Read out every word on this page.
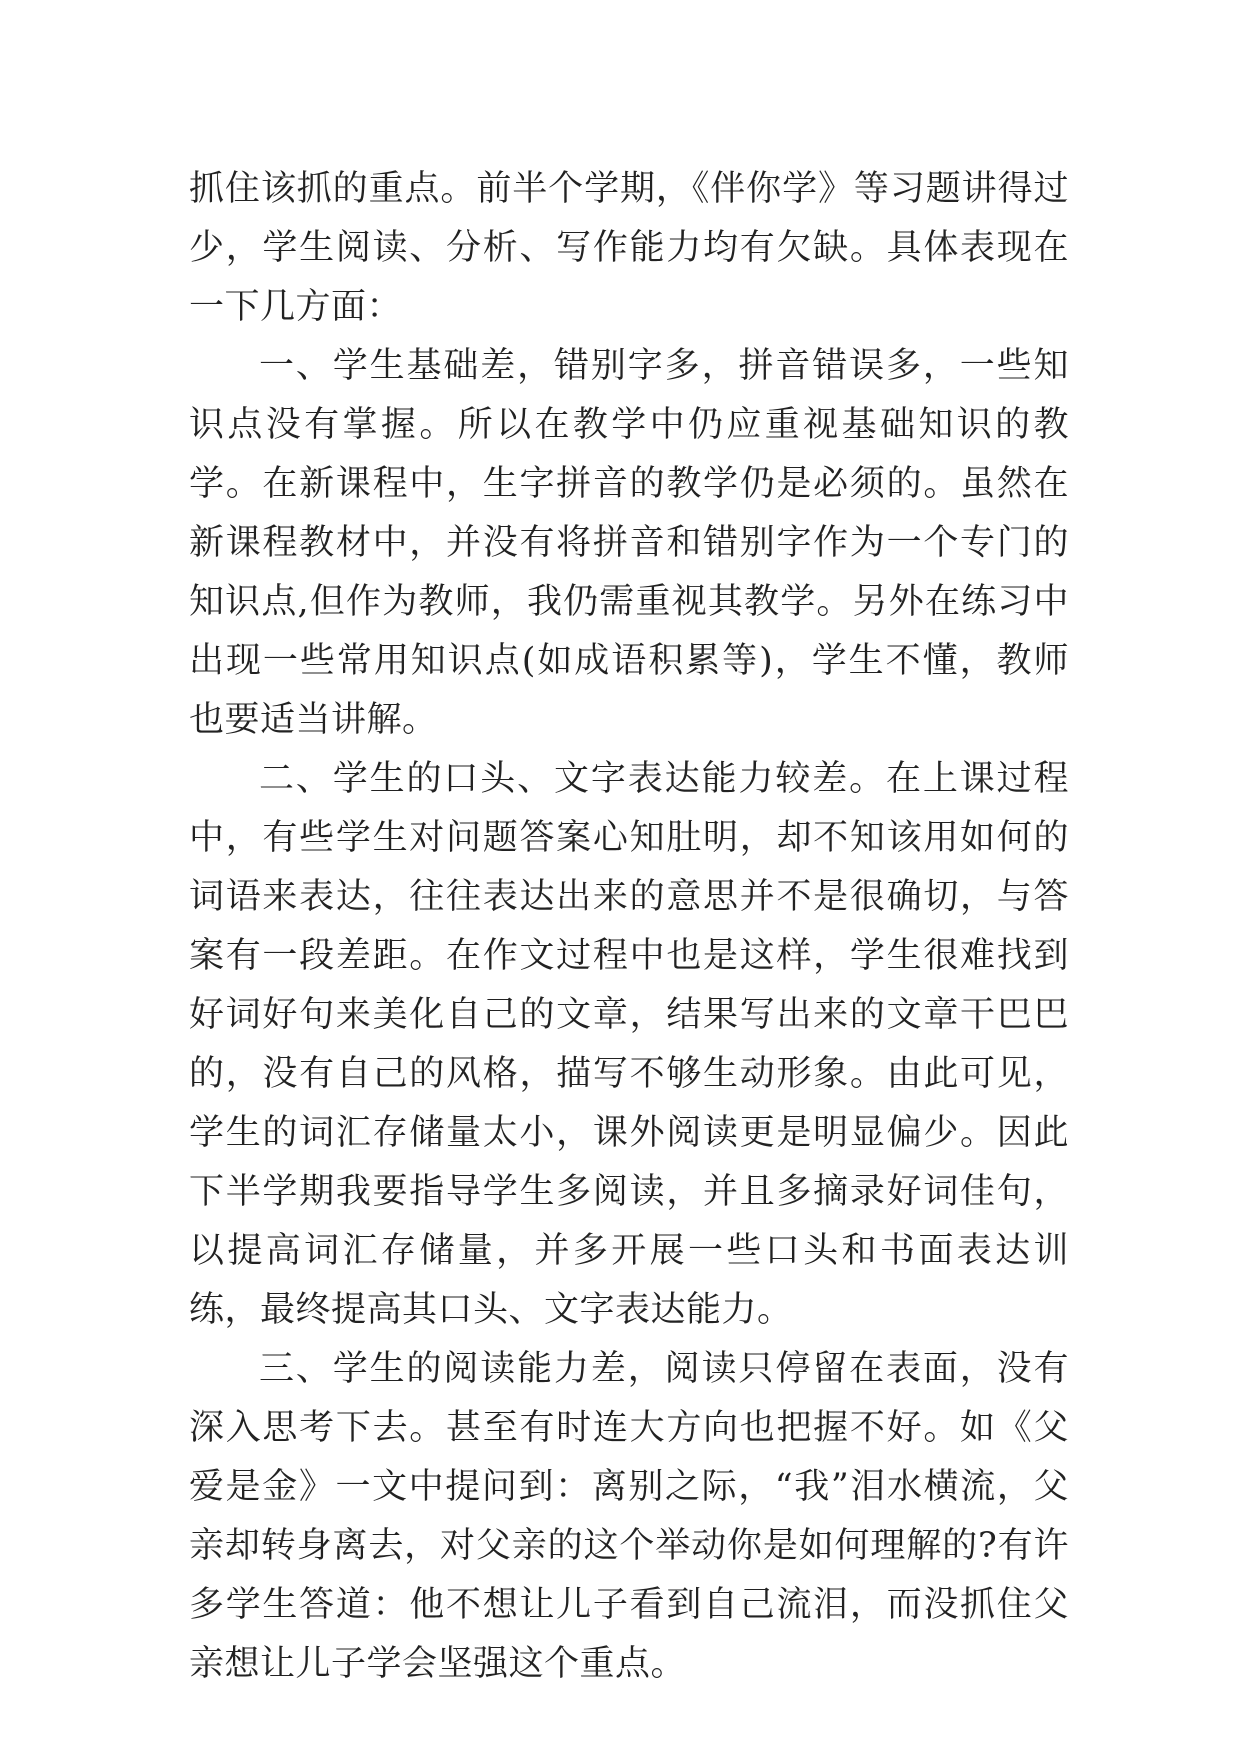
抓住该抓的重点。前半个学期，《伴你学》等习题讲得过少，学生阅读、分析、写作能力均有欠缺。具体表现在一下几方面：

一、学生基础差，错别字多，拼音错误多，一些知识点没有掌握。所以在教学中仍应重视基础知识的教学。在新课程中，生字拼音的教学仍是必须的。虽然在新课程教材中，并没有将拼音和错别字作为一个专门的知识点,但作为教师，我仍需重视其教学。另外在练习中出现一些常用知识点(如成语积累等)，学生不懂，教师也要适当讲解。

二、学生的口头、文字表达能力较差。在上课过程中，有些学生对问题答案心知肚明，却不知该用如何的词语来表达，往往表达出来的意思并不是很确切，与答案有一段差距。在作文过程中也是这样，学生很难找到好词好句来美化自己的文章，结果写出来的文章干巴巴的，没有自己的风格，描写不够生动形象。由此可见，学生的词汇存储量太小，课外阅读更是明显偏少。因此下半学期我要指导学生多阅读，并且多摘录好词佳句，以提高词汇存储量，并多开展一些口头和书面表达训练，最终提高其口头、文字表达能力。

三、学生的阅读能力差，阅读只停留在表面，没有深入思考下去。甚至有时连大方向也把握不好。如《父爱是金》一文中提问到：离别之际，“我”泪水横流，父亲却转身离去，对父亲的这个举动你是如何理解的?有许多学生答道：他不想让儿子看到自己流泪，而没抓住父亲想让儿子学会坚强这个重点。
